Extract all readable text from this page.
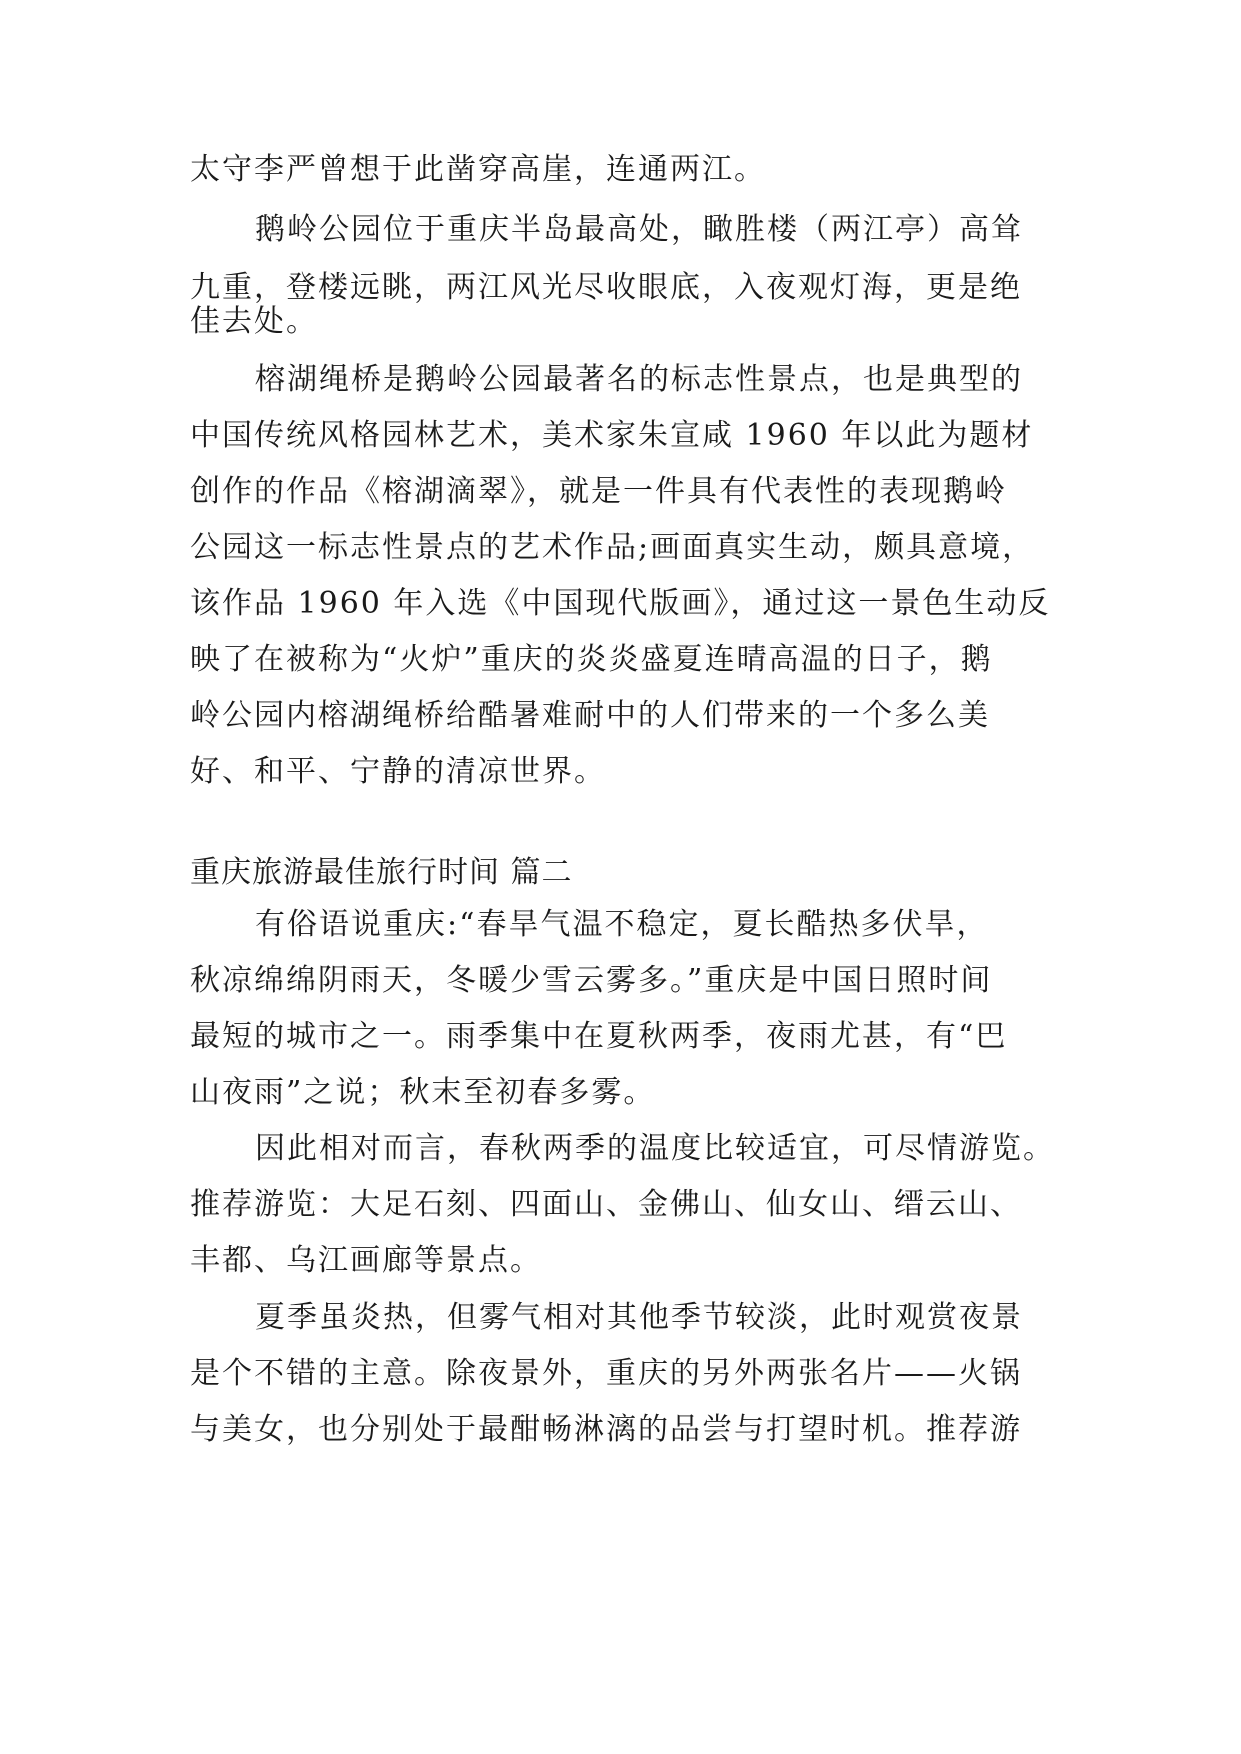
太守李严曾想于此凿穿高崖，连通两江。

鹅岭公园位于重庆半岛最高处，瞰胜楼（两江亭）高耸

九重，登楼远眺，两江风光尽收眼底，入夜观灯海，更是绝

佳去处。

榕湖绳桥是鹅岭公园最著名的标志性景点，也是典型的

中国传统风格园林艺术，美术家朱宣咸 1960 年以此为题材

创作的作品《榕湖滴翠》，就是一件具有代表性的表现鹅岭

公园这一标志性景点的艺术作品;画面真实生动，颇具意境，

该作品 1960 年入选《中国现代版画》，通过这一景色生动反

映了在被称为“火炉”重庆的炎炎盛夏连晴高温的日子，鹅

岭公园内榕湖绳桥给酷暑难耐中的人们带来的一个多么美

好、和平、宁静的清凉世界。

重庆旅游最佳旅行时间 篇二

有俗语说重庆:“春旱气温不稳定，夏长酷热多伏旱，

秋凉绵绵阴雨天，冬暖少雪云雾多。”重庆是中国日照时间

最短的城市之一。雨季集中在夏秋两季，夜雨尤甚，有“巴

山夜雨”之说；秋末至初春多雾。

因此相对而言，春秋两季的温度比较适宜，可尽情游览。

推荐游览：大足石刻、四面山、金佛山、仙女山、缙云山、

丰都、乌江画廊等景点。

夏季虽炎热，但雾气相对其他季节较淡，此时观赏夜景

是个不错的主意。除夜景外，重庆的另外两张名片——火锅

与美女，也分别处于最酣畅淋漓的品尝与打望时机。推荐游
